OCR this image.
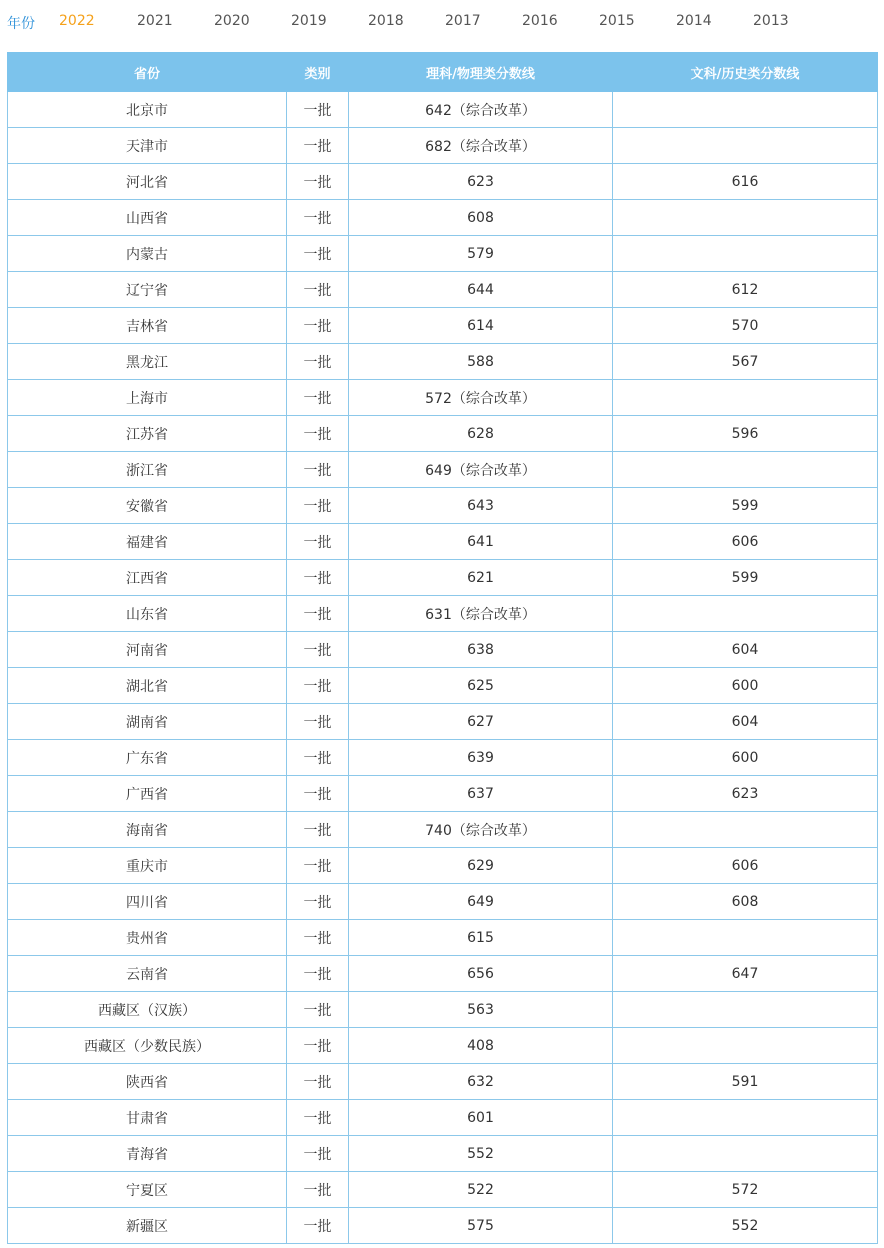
年份 2022	2021	2020	2019	2018	2017	2016	2015	2014	2013
省份	类别	理科/物理类分数线	文科/历史类分数线
北京市	一批	642（综合改革）	
天津市	一批	682（综合改革）	
河北省	一批	623	616
山西省	一批	608	
内蒙古	一批	579	
辽宁省	一批	644	612
吉林省	一批	614	570
黑龙江	一批	588	567
上海市	一批	572（综合改革）	
江苏省	一批	628	596
浙江省	一批	649（综合改革）	
安徽省	一批	643	599
福建省	一批	641	606
江西省	一批	621	599
山东省	一批	631（综合改革）	
河南省	一批	638	604
湖北省	一批	625	600
湖南省	一批	627	604
广东省	一批	639	600
广西省	一批	637	623
海南省	一批	740（综合改革）	
重庆市	一批	629	606
四川省	一批	649	608
贵州省	一批	615	
云南省	一批	656	647
西藏区（汉族）	一批	563	
西藏区（少数民族）	一批	408	
陕西省	一批	632	591
甘肃省	一批	601	
青海省	一批	552	
宁夏区	一批	522	572
新疆区	一批	575	552
